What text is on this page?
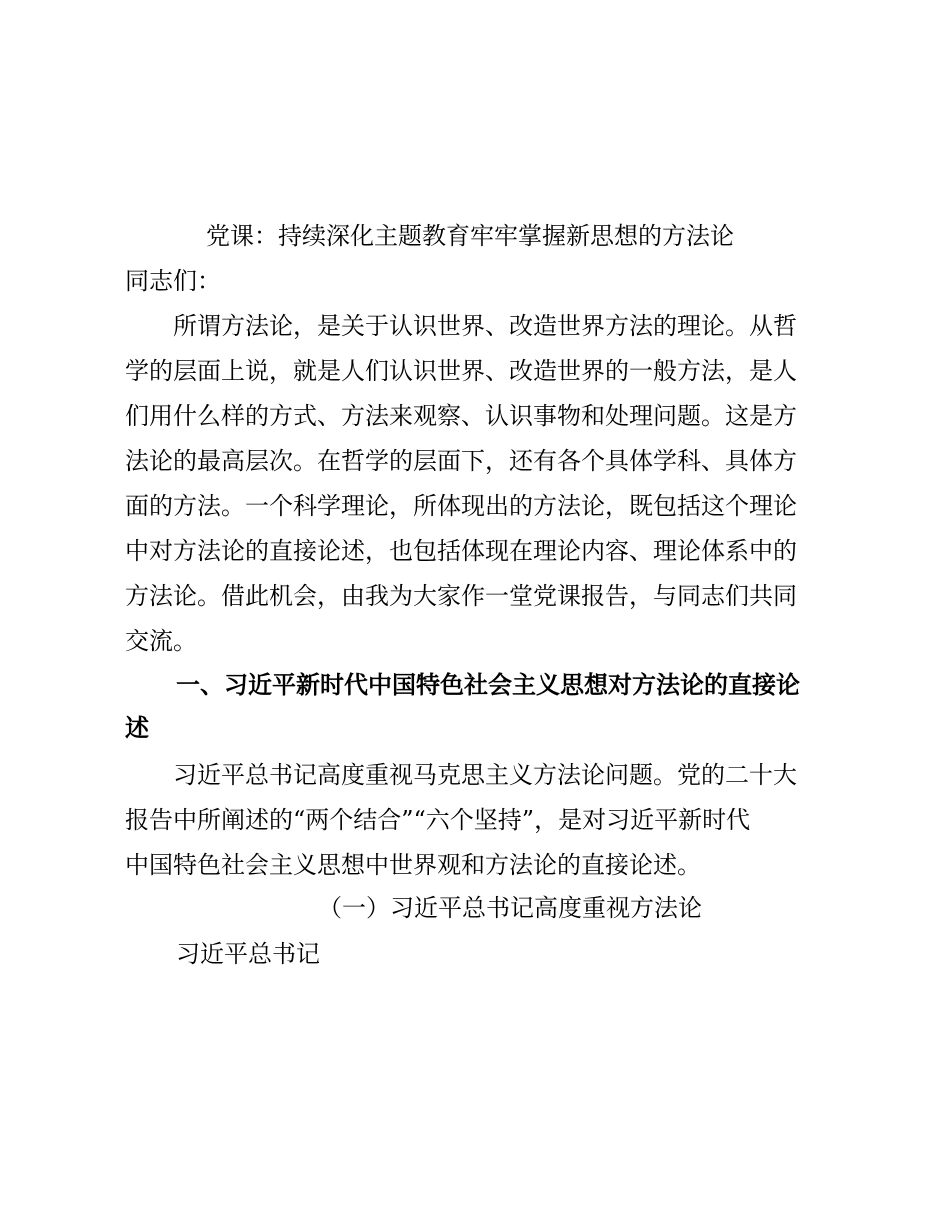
党课：持续深化主题教育牢牢掌握新思想的方法论
同志们：
　所谓方法论，是关于认识世界、改造世界方法的理论。从哲
学的层面上说，就是人们认识世界、改造世界的一般方法，是人
们用什么样的方式、方法来观察、认识事物和处理问题。这是方
法论的最高层次。在哲学的层面下，还有各个具体学科、具体方
面的方法。一个科学理论，所体现出的方法论，既包括这个理论
中对方法论的直接论述，也包括体现在理论内容、理论体系中的
方法论。借此机会，由我为大家作一堂党课报告，与同志们共同
交流。
一、习近平新时代中国特色社会主义思想对方法论的直接论
述
　习近平总书记高度重视马克思主义方法论问题。党的二十大
报告中所阐述的“两个结合”“六个坚持”，是对习近平新时代
中国特色社会主义思想中世界观和方法论的直接论述。
（一）习近平总书记高度重视方法论
习近平总书记
